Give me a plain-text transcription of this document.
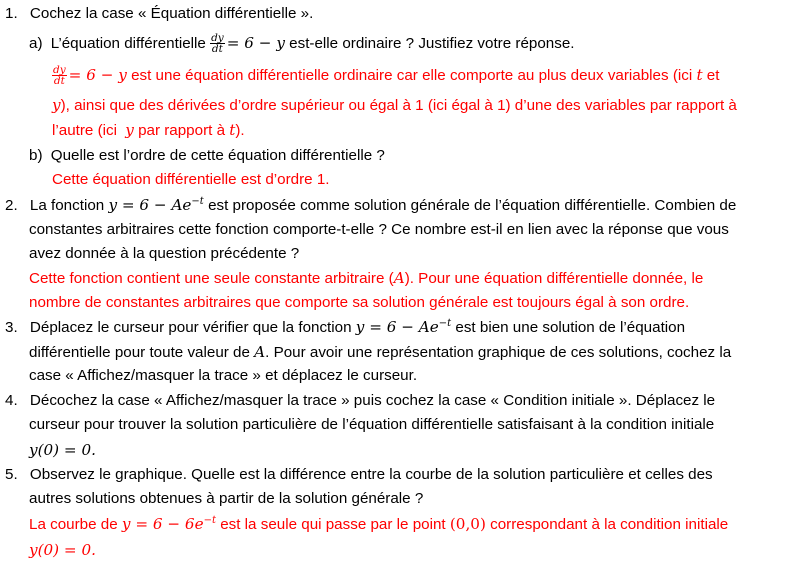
1. Cochez la case « Équation différentielle ».
a) L’équation différentielle $\frac{dy}{dt} = 6 - y$ est-elle ordinaire ? Justifiez votre réponse.
$\frac{dy}{dt} = 6 - y$ est une équation différentielle ordinaire car elle comporte au plus deux variables (ici t et
y), ainsi que des dérivées d’ordre supérieur ou égal à 1 (ici égal à 1) d’une des variables par rapport à
l’autre (ici y par rapport à t).
b) Quelle est l’ordre de cette équation différentielle ?
Cette équation différentielle est d’ordre 1.
2. La fonction $y = 6 - Ae^{-t}$ est proposée comme solution générale de l’équation différentielle. Combien de
constantes arbitraires cette fonction comporte-t-elle ? Ce nombre est-il en lien avec la réponse que vous
avez donnée à la question précédente ?
Cette fonction contient une seule constante arbitraire (A). Pour une équation différentielle donnée, le
nombre de constantes arbitraires que comporte sa solution générale est toujours égal à son ordre.
3. Déplacez le curseur pour vérifier que la fonction $y = 6 - Ae^{-t}$ est bien une solution de l’équation
différentielle pour toute valeur de A. Pour avoir une représentation graphique de ces solutions, cochez la
case « Affichez/masquer la trace » et déplacez le curseur.
4. Décochez la case « Affichez/masquer la trace » puis cochez la case « Condition initiale ». Déplacez le
curseur pour trouver la solution particulière de l’équation différentielle satisfaisant à la condition initiale
y(0) = 0.
5. Observez le graphique. Quelle est la différence entre la courbe de la solution particulière et celles des
autres solutions obtenues à partir de la solution générale ?
La courbe de $y = 6 - 6e^{-t}$ est la seule qui passe par le point (0,0) correspondant à la condition initiale
y(0) = 0.
